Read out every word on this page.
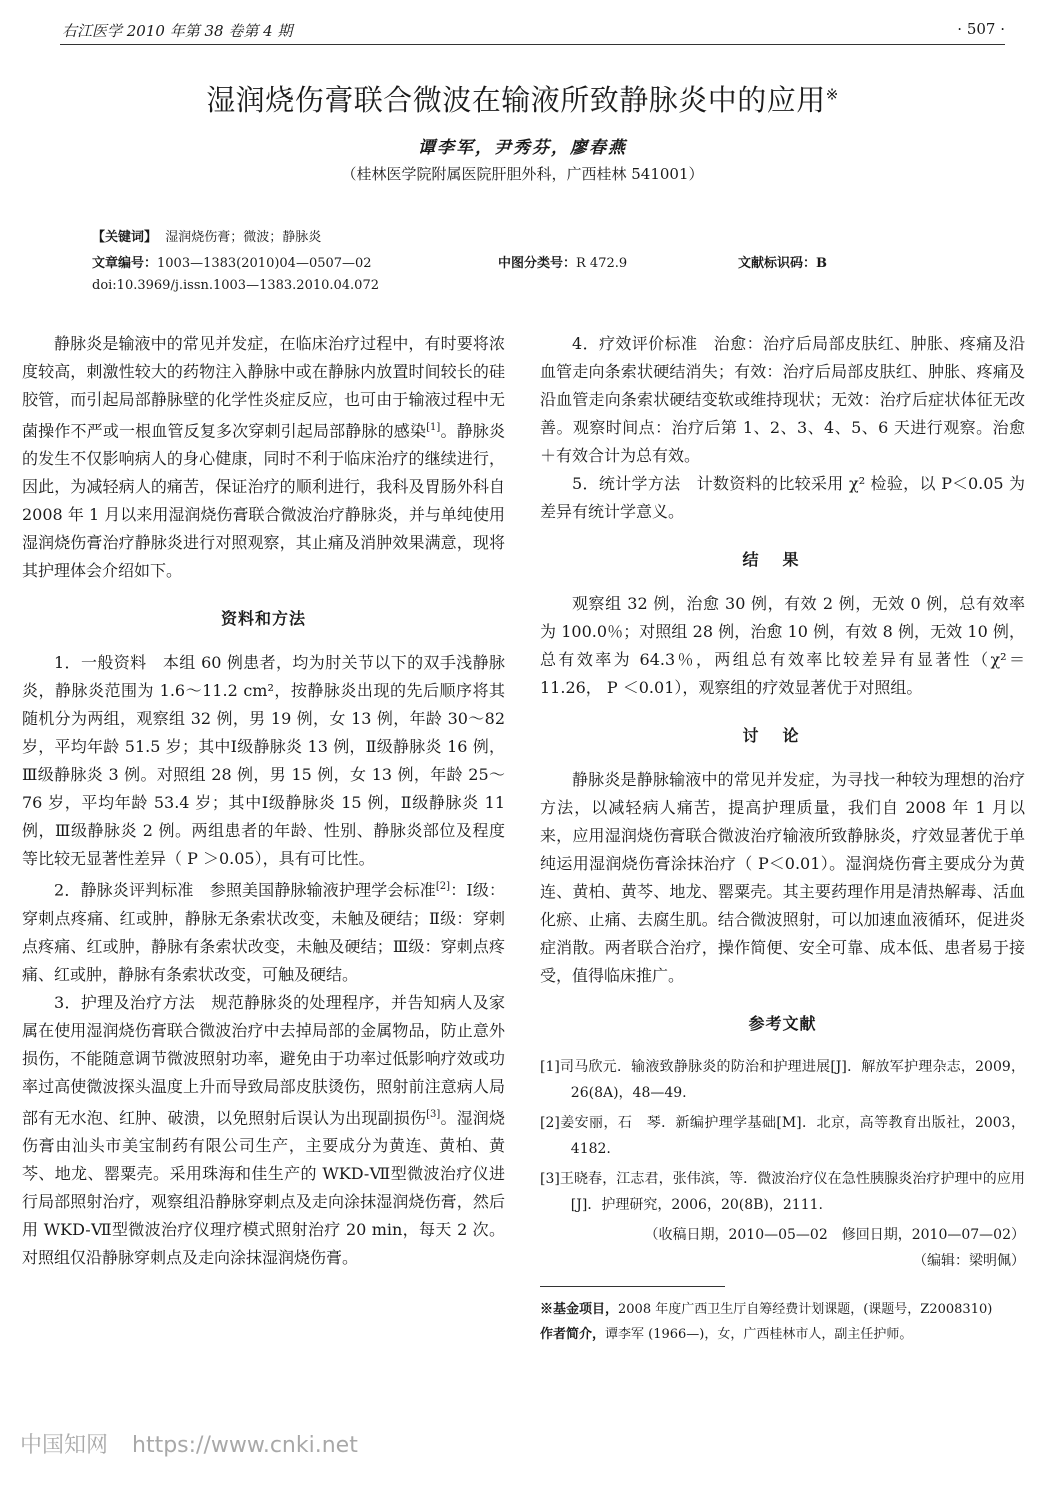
右江医学 2010 年第 38 卷第 4 期	· 507 ·
湿润烧伤膏联合微波在输液所致静脉炎中的应用※
谭李军，尹秀芬，廖春燕
（桂林医学院附属医院肝胆外科，广西桂林 541001）
【关键词】 湿润烧伤膏；微波；静脉炎
文章编号：1003—1383(2010)04—0507—02	中图分类号：R 472.9	文献标识码：B
doi:10.3969/j.issn.1003—1383.2010.04.072

静脉炎是输液中的常见并发症，在临床治疗过程中，有时要将浓度较高，刺激性较大的药物注入静脉中或在静脉内放置时间较长的硅胶管，而引起局部静脉壁的化学性炎症反应，也可由于输液过程中无菌操作不严或一根血管反复多次穿刺引起局部静脉的感染[1]。静脉炎的发生不仅影响病人的身心健康，同时不利于临床治疗的继续进行，因此，为减轻病人的痛苦，保证治疗的顺利进行，我科及胃肠外科自 2008 年 1 月以来用湿润烧伤膏联合微波治疗静脉炎，并与单纯使用湿润烧伤膏治疗静脉炎进行对照观察，其止痛及消肿效果满意，现将其护理体会介绍如下。

资料和方法

1．一般资料　本组 60 例患者，均为肘关节以下的双手浅静脉炎，静脉炎范围为 1.6～11.2 cm²，按静脉炎出现的先后顺序将其随机分为两组，观察组 32 例，男 19 例，女 13 例，年龄 30～82 岁，平均年龄 51.5 岁；其中Ⅰ级静脉炎 13 例，Ⅱ级静脉炎 16 例，Ⅲ级静脉炎 3 例。对照组 28 例，男 15 例，女 13 例，年龄 25～76 岁，平均年龄 53.4 岁；其中Ⅰ级静脉炎 15 例，Ⅱ级静脉炎 11 例，Ⅲ级静脉炎 2 例。两组患者的年龄、性别、静脉炎部位及程度等比较无显著性差异（ P ＞0.05），具有可比性。

2．静脉炎评判标准　参照美国静脉输液护理学会标准[2]：Ⅰ级：穿刺点疼痛、红或肿，静脉无条索状改变，未触及硬结；Ⅱ级：穿刺点疼痛、红或肿，静脉有条索状改变，未触及硬结；Ⅲ级：穿刺点疼痛、红或肿，静脉有条索状改变，可触及硬结。

3．护理及治疗方法　规范静脉炎的处理程序，并告知病人及家属在使用湿润烧伤膏联合微波治疗中去掉局部的金属物品，防止意外损伤，不能随意调节微波照射功率，避免由于功率过低影响疗效或功率过高使微波探头温度上升而导致局部皮肤烫伤，照射前注意病人局部有无水泡、红肿、破溃，以免照射后误认为出现副损伤[3]。湿润烧伤膏由汕头市美宝制药有限公司生产，主要成分为黄连、黄柏、黄芩、地龙、罂粟壳。采用珠海和佳生产的 WKD-Ⅶ型微波治疗仪进行局部照射治疗，观察组沿静脉穿刺点及走向涂抹湿润烧伤膏，然后用 WKD-Ⅶ型微波治疗仪理疗模式照射治疗 20 min，每天 2 次。对照组仅沿静脉穿刺点及走向涂抹湿润烧伤膏。

4．疗效评价标准　治愈：治疗后局部皮肤红、肿胀、疼痛及沿血管走向条索状硬结消失；有效：治疗后局部皮肤红、肿胀、疼痛及沿血管走向条索状硬结变软或维持现状；无效：治疗后症状体征无改善。观察时间点：治疗后第 1、2、3、4、5、6 天进行观察。治愈＋有效合计为总有效。

5．统计学方法　计数资料的比较采用 χ² 检验，以 P＜0.05 为差异有统计学意义。

结果

观察组 32 例，治愈 30 例，有效 2 例，无效 0 例，总有效率为 100.0％；对照组 28 例，治愈 10 例，有效 8 例，无效 10 例，总有效率为 64.3％，两组总有效率比较差异有显著性（χ²＝11.26， P ＜0.01），观察组的疗效显著优于对照组。

讨论

静脉炎是静脉输液中的常见并发症，为寻找一种较为理想的治疗方法，以减轻病人痛苦，提高护理质量，我们自 2008 年 1 月以来，应用湿润烧伤膏联合微波治疗输液所致静脉炎，疗效显著优于单纯运用湿润烧伤膏涂抹治疗（ P＜0.01）。湿润烧伤膏主要成分为黄连、黄柏、黄芩、地龙、罂粟壳。其主要药理作用是清热解毒、活血化瘀、止痛、去腐生肌。结合微波照射，可以加速血液循环，促进炎症消散。两者联合治疗，操作简便、安全可靠、成本低、患者易于接受，值得临床推广。

参考文献
[1]司马欣元．输液致静脉炎的防治和护理进展[J]．解放军护理杂志，2009，26(8A)，48—49.
[2]姜安丽，石　琴．新编护理学基础[M]．北京，高等教育出版社，2003，4182.
[3]王晓春，江志君，张伟滨，等．微波治疗仪在急性胰腺炎治疗护理中的应用[J]．护理研究，2006，20(8B)，2111.
（收稿日期，2010—05—02　修回日期，2010—07—02）
（编辑：梁明佩）
※基金项目，2008 年度广西卫生厅自筹经费计划课题，(课题号，Z2008310)
作者简介，谭李军 (1966—)，女，广西桂林市人，副主任护师。
中国知网 https://www.cnki.net
